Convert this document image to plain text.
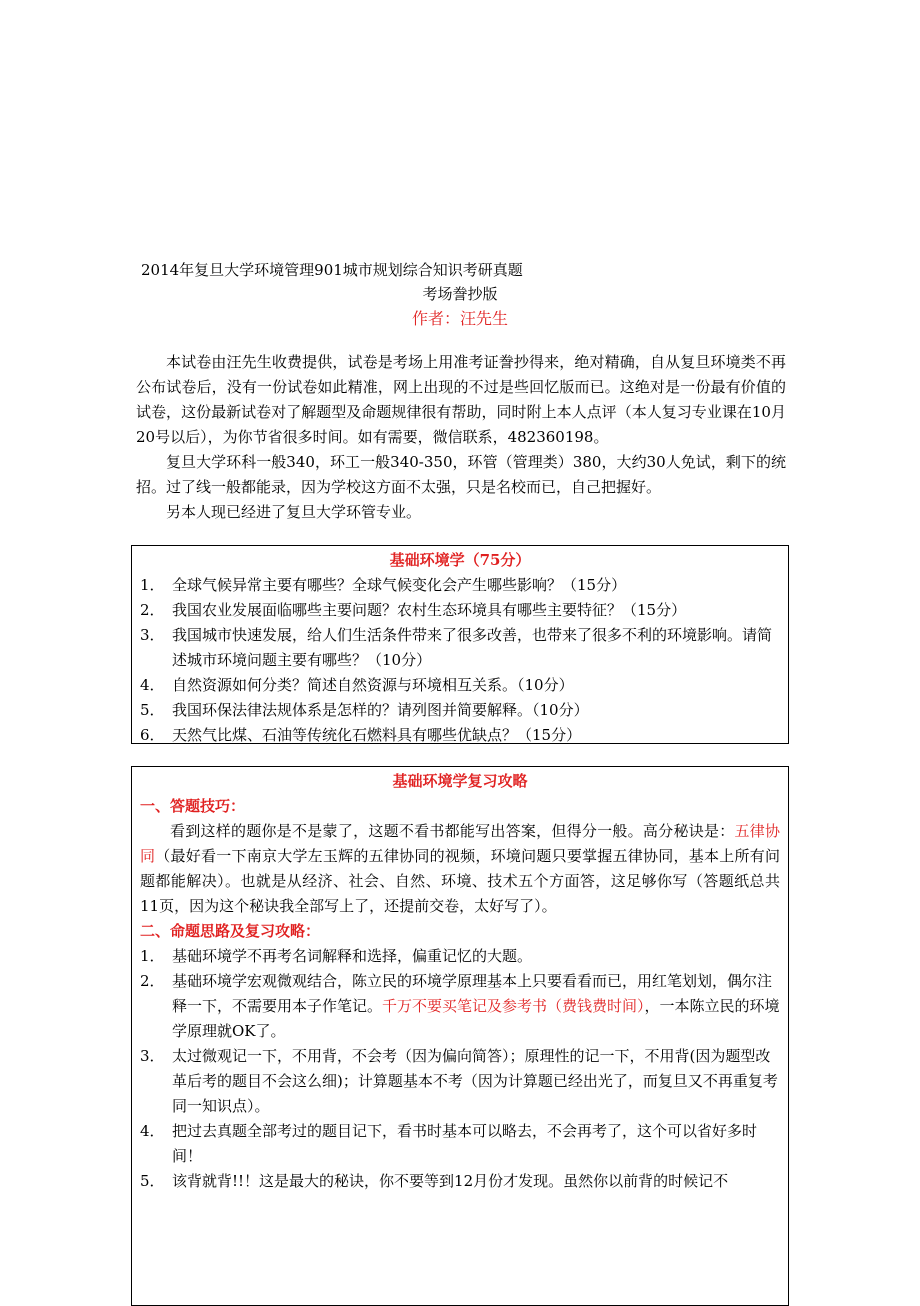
2014年复旦大学环境管理901城市规划综合知识考研真题
考场誊抄版
作者：汪先生

本试卷由汪先生收费提供，试卷是考场上用准考证誊抄得来，绝对精确，自从复旦环境类不再公布试卷后，没有一份试卷如此精准，网上出现的不过是些回忆版而已。这绝对是一份最有价值的试卷，这份最新试卷对了解题型及命题规律很有帮助，同时附上本人点评（本人复习专业课在10月20号以后），为你节省很多时间。如有需要，微信联系，482360198。

复旦大学环科一般340，环工一般340-350，环管（管理类）380，大约30人免试，剩下的统招。过了线一般都能录，因为学校这方面不太强，只是名校而已，自己把握好。

另本人现已经进了复旦大学环管专业。

基础环境学（75分）
1． 全球气候异常主要有哪些？全球气候变化会产生哪些影响？（15分）
2． 我国农业发展面临哪些主要问题？农村生态环境具有哪些主要特征？（15分）
3． 我国城市快速发展，给人们生活条件带来了很多改善，也带来了很多不利的环境影响。请简述城市环境问题主要有哪些？（10分）
4． 自然资源如何分类？简述自然资源与环境相互关系。（10分）
5． 我国环保法律法规体系是怎样的？请列图并简要解释。（10分）
6． 天然气比煤、石油等传统化石燃料具有哪些优缺点？（15分）
基础环境学复习攻略
一、答题技巧：

看到这样的题你是不是蒙了，这题不看书都能写出答案，但得分一般。高分秘诀是：五律协同（最好看一下南京大学左玉辉的五律协同的视频，环境问题只要掌握五律协同，基本上所有问题都能解决）。也就是从经济、社会、自然、环境、技术五个方面答，这足够你写（答题纸总共11页，因为这个秘诀我全部写上了，还提前交卷，太好写了）。

二、命题思路及复习攻略：
1． 基础环境学不再考名词解释和选择，偏重记忆的大题。
2． 基础环境学宏观微观结合，陈立民的环境学原理基本上只要看看而已，用红笔划划，偶尔注释一下，不需要用本子作笔记。千万不要买笔记及参考书（费钱费时间），一本陈立民的环境学原理就OK了。
3． 太过微观记一下，不用背，不会考（因为偏向简答）；原理性的记一下，不用背(因为题型改革后考的题目不会这么细)；计算题基本不考（因为计算题已经出光了，而复旦又不再重复考同一知识点）。
4． 把过去真题全部考过的题目记下，看书时基本可以略去，不会再考了，这个可以省好多时间！
5． 该背就背!!！这是最大的秘诀，你不要等到12月份才发现。虽然你以前背的时候记不
